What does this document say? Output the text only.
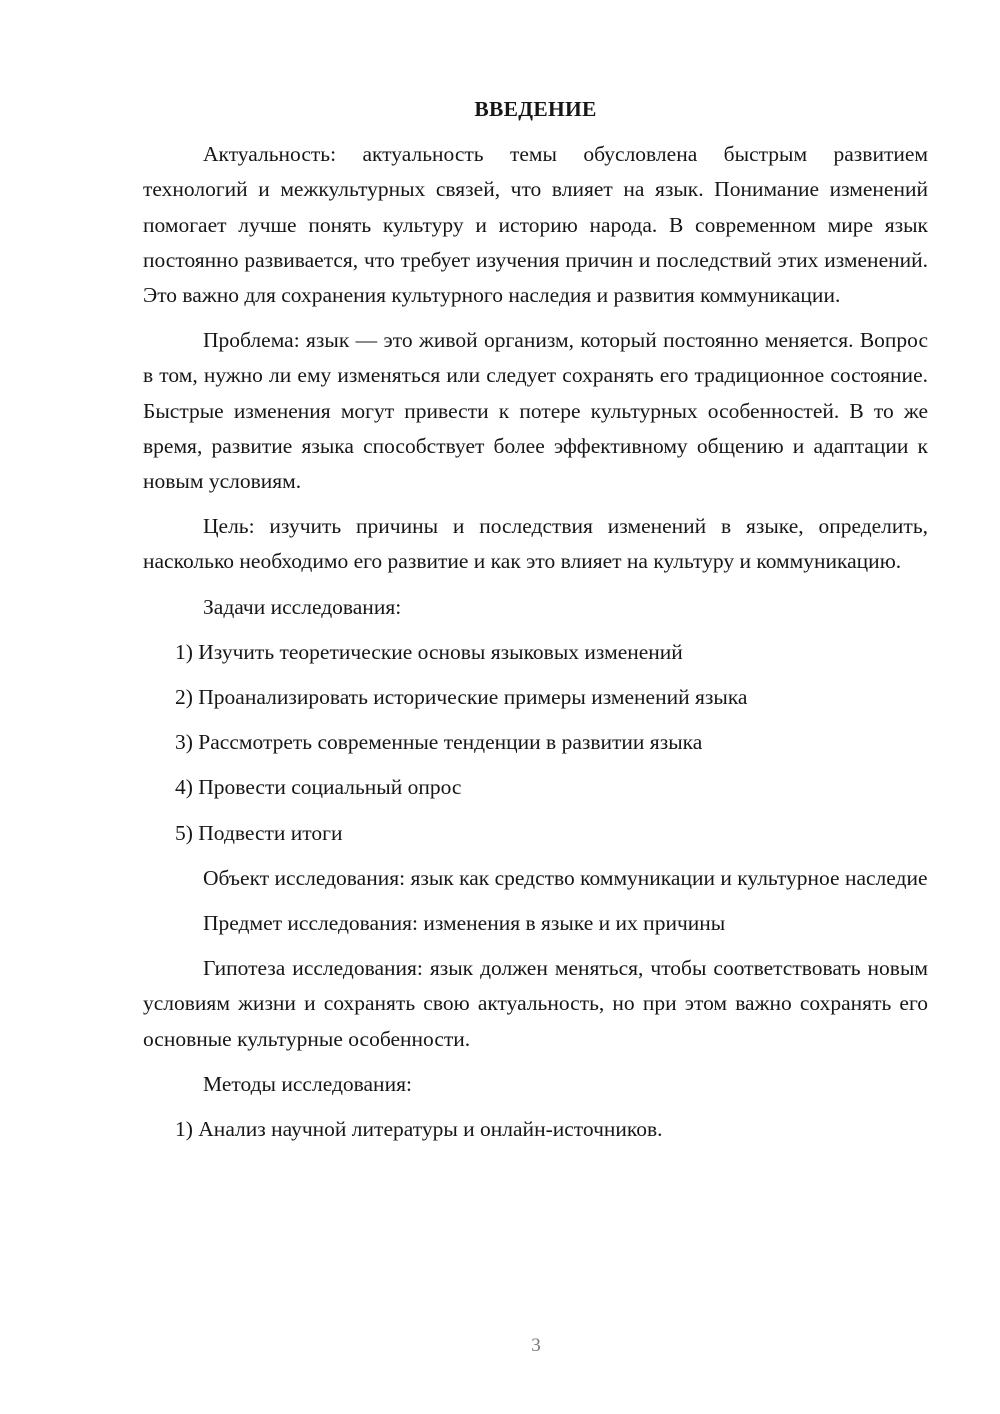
ВВЕДЕНИЕ

Актуальность: актуальность темы обусловлена быстрым развитием технологий и межкультурных связей, что влияет на язык. Понимание изменений помогает лучше понять культуру и историю народа. В современном мире язык постоянно развивается, что требует изучения причин и последствий этих изменений. Это важно для сохранения культурного наследия и развития коммуникации.

Проблема: язык — это живой организм, который постоянно меняется. Вопрос в том, нужно ли ему изменяться или следует сохранять его традиционное состояние. Быстрые изменения могут привести к потере культурных особенностей. В то же время, развитие языка способствует более эффективному общению и адаптации к новым условиям.

Цель: изучить причины и последствия изменений в языке, определить, насколько необходимо его развитие и как это влияет на культуру и коммуникацию.

Задачи исследования:

1) Изучить теоретические основы языковых изменений

2) Проанализировать исторические примеры изменений языка

3) Рассмотреть современные тенденции в развитии языка

4) Провести социальный опрос

5) Подвести итоги

Объект исследования: язык как средство коммуникации и культурное наследие

Предмет исследования: изменения в языке и их причины

Гипотеза исследования: язык должен меняться, чтобы соответствовать новым условиям жизни и сохранять свою актуальность, но при этом важно сохранять его основные культурные особенности.

Методы исследования:

1) Анализ научной литературы и онлайн-источников.

3
